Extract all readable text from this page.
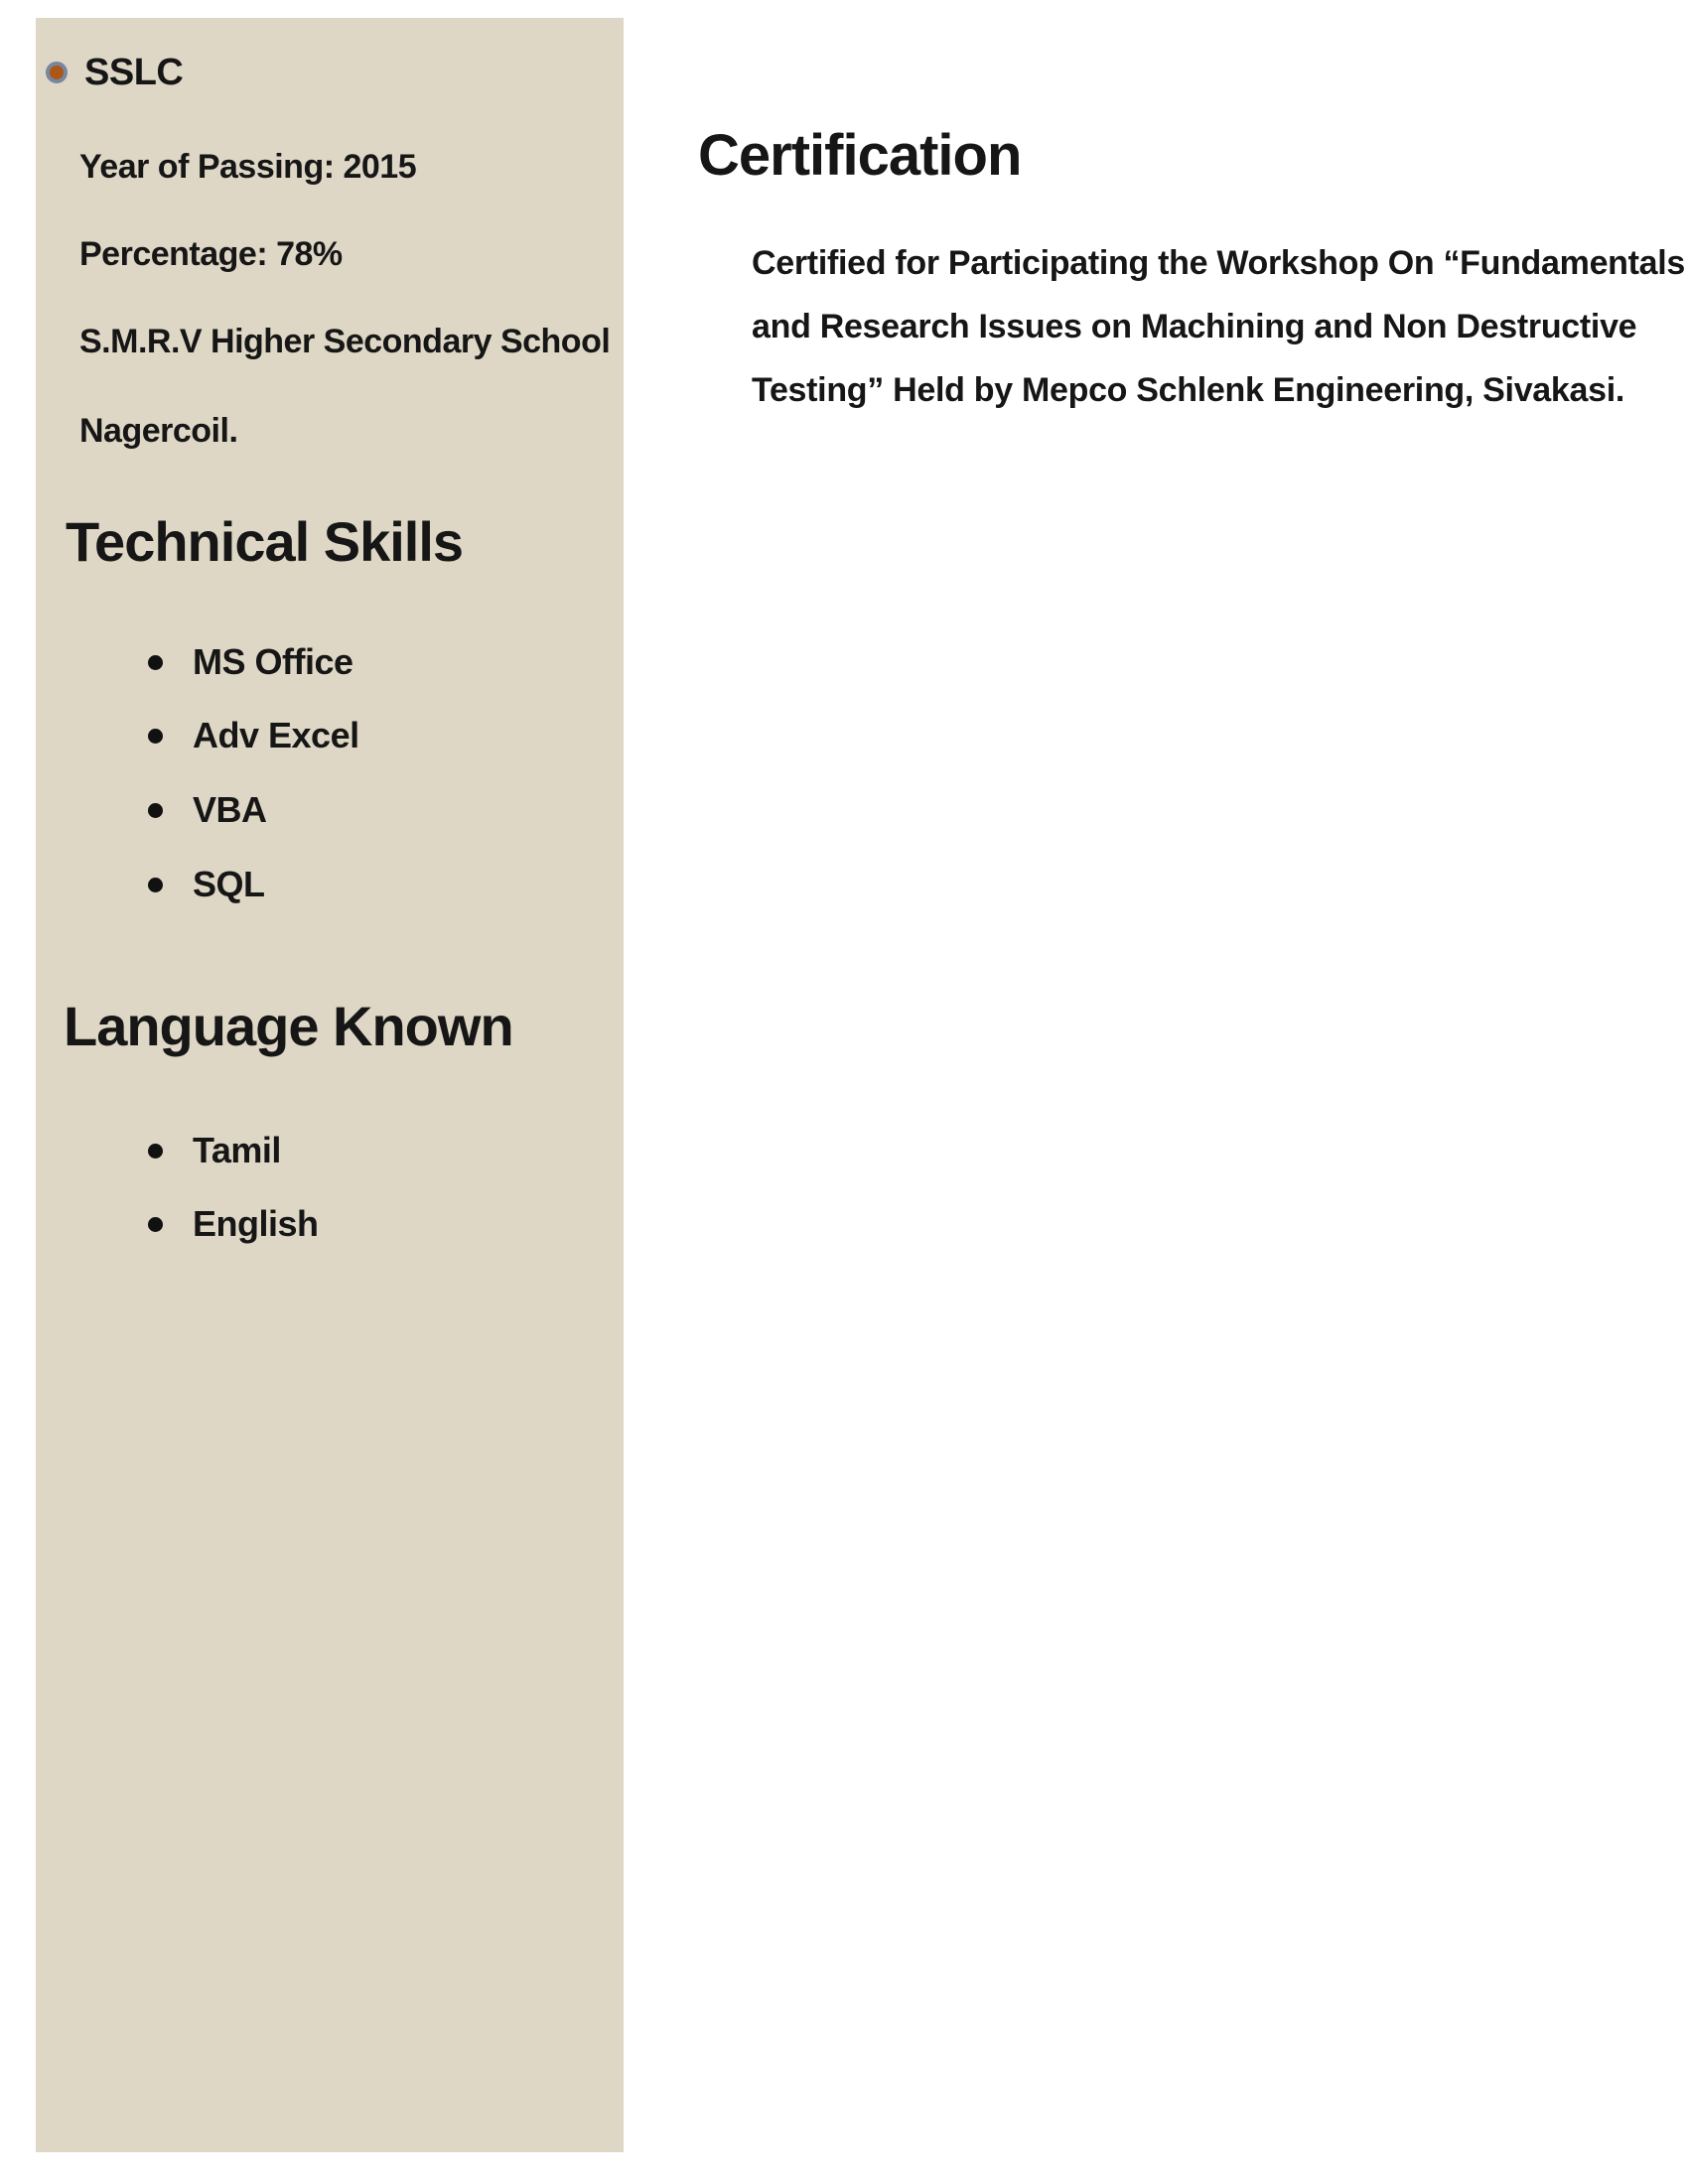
SSLC

Year of Passing: 2015

Percentage: 78%

S.M.R.V Higher Secondary School

Nagercoil.

Technical Skills
MS Office
Adv Excel
VBA
SQL
Language Known
Tamil
English
Certification

Certified for Participating the Workshop On “Fundamentals

and Research Issues on Machining and Non Destructive

Testing” Held by Mepco Schlenk Engineering, Sivakasi.
